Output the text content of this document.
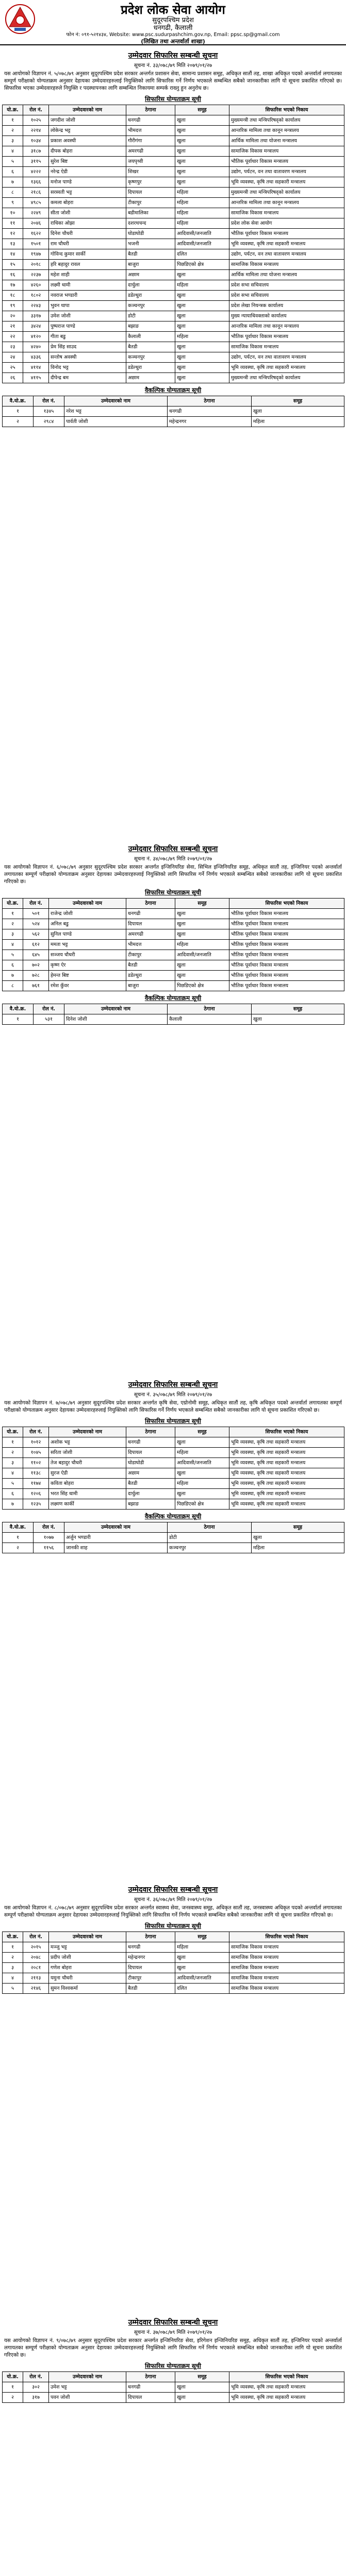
प्रदेश लोक सेवा आयोग
सुदूरपश्चिम प्रदेश
धनगढी, कैलाली
फोन नं: ०९१-५२१४३४, Website: www.psc.sudurpashchim.gov.np, Email: ppsc.sp@gmail.com
(लिखित तथा अन्तर्वार्ता शाखा)
उम्मेदवार सिफारिस सम्बन्धी सूचना
सूचना नं. ३३/०७८/७९ मिति २०७९/०१/२७
यस आयोगको विज्ञापन नं. ५/०७८/७९ अनुसार सुदूरपश्चिम प्रदेश सरकार अन्तर्गत प्रशासन सेवा, सामान्य प्रशासन समूह, अधिकृत सातौं तह, शाखा अधिकृत पदको अन्तर्वार्ता लगायतका सम्पूर्ण परीक्षाको योग्यताक्रम अनुसार देहायका उम्मेदवारहरुलाई नियुक्तिको लागि सिफारिस गर्ने निर्णय भएकाले सम्बन्धित सबैको जानकारीका लागि यो सूचना प्रकाशित गरिएको छ। सिफारिस भएका उम्मेदवारहरुले नियुक्ति र पदस्थापनका लागि सम्बन्धित निकायमा सम्पर्क राख्नु हुन अनुरोध छ।
सिफारिस योग्यताक्रम सूची
यो.क्र.	रोल नं.	उम्मेदवारको नाम	ठेगाना	समूह	सिफारिस भएको निकाय
१	१०२५	जगदीश जोशी	धनगढी	खुला	मुख्यमन्त्री तथा मन्त्रिपरिषद्को कार्यालय
२	२२१४	लोकेन्द्र भट्ट	भीमदत्त	खुला	आन्तरिक मामिला तथा कानून मन्त्रालय
३	१०३४	प्रकाश अवस्थी	गौरीगंगा	खुला	आर्थिक मामिला तथा योजना मन्त्रालय
४	३१८७	दीपक बोहरा	अमरगढी	खुला	सामाजिक विकास मन्त्रालय
५	३११५	सुरेश बिष्ट	जयपृथ्वी	खुला	भौतिक पूर्वाधार विकास मन्त्रालय
६	४२२२	नरेन्द्र ऐडी	शिखर	खुला	उद्योग, पर्यटन, वन तथा वातावरण मन्त्रालय
७	१३६६	मनोज पाण्डे	कृष्णपुर	खुला	भूमि व्यवस्था, कृषि तथा सहकारी मन्त्रालय
८	२१८६	सरस्वती भट्ट	दिपायल	महिला	मुख्यमन्त्री तथा मन्त्रिपरिषद्को कार्यालय
९	४९८५	कमला बोहरा	टीकापुर	महिला	आन्तरिक मामिला तथा कानून मन्त्रालय
१०	२२४९	सीता जोशी	बडीमालिका	महिला	सामाजिक विकास मन्त्रालय
११	२०४६	राधिका ओझा	दशरथचन्द	महिला	प्रदेश लोक सेवा आयोग
१२	१६२२	दिनेश चौधरी	घोडाघोडी	आदिवासी/जनजाति	भौतिक पूर्वाधार विकास मन्त्रालय
१३	१५०१	राम चौधरी	भजनी	आदिवासी/जनजाति	भूमि व्यवस्था, कृषि तथा सहकारी मन्त्रालय
१४	१९४७	गोविन्द कुमार सार्की	बैतडी	दलित	उद्योग, पर्यटन, वन तथा वातावरण मन्त्रालय
१५	२०१८	हरि बहादुर रावल	बाजुरा	पिछडिएको क्षेत्र	सामाजिक विकास मन्त्रालय
१६	२२३७	महेश शाही	अछाम	खुला	आर्थिक मामिला तथा योजना मन्त्रालय
१७	४२६०	लक्ष्मी धामी	दार्चुला	महिला	प्रदेश सभा सचिवालय
१८	१८०२	नवराज भण्डारी	डडेल्धुरा	खुला	प्रदेश सभा सचिवालय
१९	२२४३	भुवन थापा	कञ्चनपुर	खुला	प्रदेश लेखा नियन्त्रक कार्यालय
२०	३३१७	उमेश जोशी	डोटी	खुला	मुख्य न्यायाधिवक्ताको कार्यालय
२१	३४२४	पुष्पराज पाण्डे	बझाङ	खुला	आन्तरिक मामिला तथा कानून मन्त्रालय
२२	४१२०	गीता बडु	कैलाली	महिला	भौतिक पूर्वाधार विकास मन्त्रालय
२३	४२४०	प्रेम सिंह साउद	बैतडी	खुला	सामाजिक विकास मन्त्रालय
२४	४३३६	सन्तोष अवस्थी	कञ्चनपुर	खुला	उद्योग, पर्यटन, वन तथा वातावरण मन्त्रालय
२५	४११४	विनोद भट्ट	डडेल्धुरा	खुला	भूमि व्यवस्था, कृषि तथा सहकारी मन्त्रालय
२६	४११५	दीपेन्द्र बम	अछाम	खुला	मुख्यमन्त्री तथा मन्त्रिपरिषद्को कार्यालय
वैकल्पिक योग्यताक्रम सूची
वै.यो.क्र.	रोल नं.	उम्मेदवारको नाम	ठेगाना	समूह
१	१३४५	नरेश भट्ट	धनगढी	खुला
२	२९८४	पार्वती जोशी	महेन्द्रनगर	महिला
उम्मेदवार सिफारिस सम्बन्धी सूचना
सूचना नं. ३४/०७८/७९ मिति २०७९/०१/२७
यस आयोगको विज्ञापन नं. ६/०७८/७९ अनुसार सुदूरपश्चिम प्रदेश सरकार अन्तर्गत इन्जिनियरिङ सेवा, सिभिल इन्जिनियरिङ समूह, अधिकृत सातौं तह, इन्जिनियर पदको अन्तर्वार्ता लगायतका सम्पूर्ण परीक्षाको योग्यताक्रम अनुसार देहायका उम्मेदवारहरुलाई नियुक्तिको लागि सिफारिस गर्ने निर्णय भएकाले सम्बन्धित सबैको जानकारीका लागि यो सूचना प्रकाशित गरिएको छ।
सिफारिस योग्यताक्रम सूची
यो.क्र.	रोल नं.	उम्मेदवारको नाम	ठेगाना	समूह	सिफारिस भएको निकाय
१	५०१	राजेन्द्र जोशी	धनगढी	खुला	भौतिक पूर्वाधार विकास मन्त्रालय
२	५२४	अनिल बडु	दिपायल	खुला	भौतिक पूर्वाधार विकास मन्त्रालय
३	५६२	सुनिल पाण्डे	अमरगढी	खुला	भौतिक पूर्वाधार विकास मन्त्रालय
४	६१२	ममता भट्ट	भीमदत्त	महिला	भौतिक पूर्वाधार विकास मन्त्रालय
५	६४५	सञ्जय चौधरी	टीकापुर	आदिवासी/जनजाति	भौतिक पूर्वाधार विकास मन्त्रालय
६	७०२	कृष्ण ऐर	बैतडी	खुला	भौतिक पूर्वाधार विकास मन्त्रालय
७	७२८	हेमन्त बिष्ट	डडेल्धुरा	खुला	भौतिक पूर्वाधार विकास मन्त्रालय
८	७६१	रमेश कुँवर	बाजुरा	पिछडिएको क्षेत्र	भौतिक पूर्वाधार विकास मन्त्रालय
वैकल्पिक योग्यताक्रम सूची
वै.यो.क्र.	रोल नं.	उम्मेदवारको नाम	ठेगाना	समूह
१	५३१	दिनेश जोशी	कैलाली	खुला
उम्मेदवार सिफारिस सम्बन्धी सूचना
सूचना नं. ३५/०७८/७९ मिति २०७९/०१/२७
यस आयोगको विज्ञापन नं. ७/०७८/७९ अनुसार सुदूरपश्चिम प्रदेश सरकार अन्तर्गत कृषि सेवा, एग्रोनोमी समूह, अधिकृत सातौं तह, कृषि अधिकृत पदको अन्तर्वार्ता लगायतका सम्पूर्ण परीक्षाको योग्यताक्रम अनुसार देहायका उम्मेदवारहरुलाई नियुक्तिको लागि सिफारिस गर्ने निर्णय भएकाले सम्बन्धित सबैको जानकारीका लागि यो सूचना प्रकाशित गरिएको छ।
सिफारिस योग्यताक्रम सूची
यो.क्र.	रोल नं.	उम्मेदवारको नाम	ठेगाना	समूह	सिफारिस भएको निकाय
१	१०१२	अशोक भट्ट	धनगढी	खुला	भूमि व्यवस्था, कृषि तथा सहकारी मन्त्रालय
२	१०४५	सरिता जोशी	दिपायल	महिला	भूमि व्यवस्था, कृषि तथा सहकारी मन्त्रालय
३	११०२	तेज बहादुर चौधरी	घोडाघोडी	आदिवासी/जनजाति	भूमि व्यवस्था, कृषि तथा सहकारी मन्त्रालय
४	११३८	सुरज ऐडी	अछाम	खुला	भूमि व्यवस्था, कृषि तथा सहकारी मन्त्रालय
५	११७४	कविता बोहरा	बैतडी	महिला	भूमि व्यवस्था, कृषि तथा सहकारी मन्त्रालय
६	१२०६	भरत सिंह धामी	दार्चुला	खुला	भूमि व्यवस्था, कृषि तथा सहकारी मन्त्रालय
७	१२३५	लक्ष्मण कार्की	बझाङ	पिछडिएको क्षेत्र	भूमि व्यवस्था, कृषि तथा सहकारी मन्त्रालय
वैकल्पिक योग्यताक्रम सूची
वै.यो.क्र.	रोल नं.	उम्मेदवारको नाम	ठेगाना	समूह
१	१०७७	अर्जुन भण्डारी	डोटी	खुला
२	११५६	जानकी शाह	कञ्चनपुर	महिला
उम्मेदवार सिफारिस सम्बन्धी सूचना
सूचना नं. ३६/०७८/७९ मिति २०७९/०१/२७
यस आयोगको विज्ञापन नं. ८/०७८/७९ अनुसार सुदूरपश्चिम प्रदेश सरकार अन्तर्गत स्वास्थ्य सेवा, जनस्वास्थ्य समूह, अधिकृत सातौं तह, जनस्वास्थ्य अधिकृत पदको अन्तर्वार्ता लगायतका सम्पूर्ण परीक्षाको योग्यताक्रम अनुसार देहायका उम्मेदवारहरुलाई नियुक्तिको लागि सिफारिस गर्ने निर्णय भएकाले सम्बन्धित सबैको जानकारीका लागि यो सूचना प्रकाशित गरिएको छ।
सिफारिस योग्यताक्रम सूची
यो.क्र.	रोल नं.	उम्मेदवारको नाम	ठेगाना	समूह	सिफारिस भएको निकाय
१	२०१५	मञ्जु भट्ट	धनगढी	महिला	सामाजिक विकास मन्त्रालय
२	२०४८	प्रदीप जोशी	महेन्द्रनगर	खुला	सामाजिक विकास मन्त्रालय
३	२०८१	गणेश बोहरा	दिपायल	खुला	सामाजिक विकास मन्त्रालय
४	२११३	यमुना चौधरी	टीकापुर	आदिवासी/जनजाति	सामाजिक विकास मन्त्रालय
५	२१४६	सुमन विश्वकर्मा	बैतडी	दलित	सामाजिक विकास मन्त्रालय
उम्मेदवार सिफारिस सम्बन्धी सूचना
सूचना नं. ३७/०७८/७९ मिति २०७९/०१/२७
यस आयोगको विज्ञापन नं. ९/०७८/७९ अनुसार सुदूरपश्चिम प्रदेश सरकार अन्तर्गत इन्जिनियरिङ सेवा, इरिगेशन इन्जिनियरिङ समूह, अधिकृत सातौं तह, इन्जिनियर पदको अन्तर्वार्ता लगायतका सम्पूर्ण परीक्षाको योग्यताक्रम अनुसार देहायका उम्मेदवारहरुलाई नियुक्तिको लागि सिफारिस गर्ने निर्णय भएकाले सम्बन्धित सबैको जानकारीका लागि यो सूचना प्रकाशित गरिएको छ।
सिफारिस योग्यताक्रम सूची
यो.क्र.	रोल नं.	उम्मेदवारको नाम	ठेगाना	समूह	सिफारिस भएको निकाय
१	३०२	उमेश भट्ट	धनगढी	खुला	भूमि व्यवस्था, कृषि तथा सहकारी मन्त्रालय
२	३१७	पवन जोशी	दिपायल	खुला	भूमि व्यवस्था, कृषि तथा सहकारी मन्त्रालय
